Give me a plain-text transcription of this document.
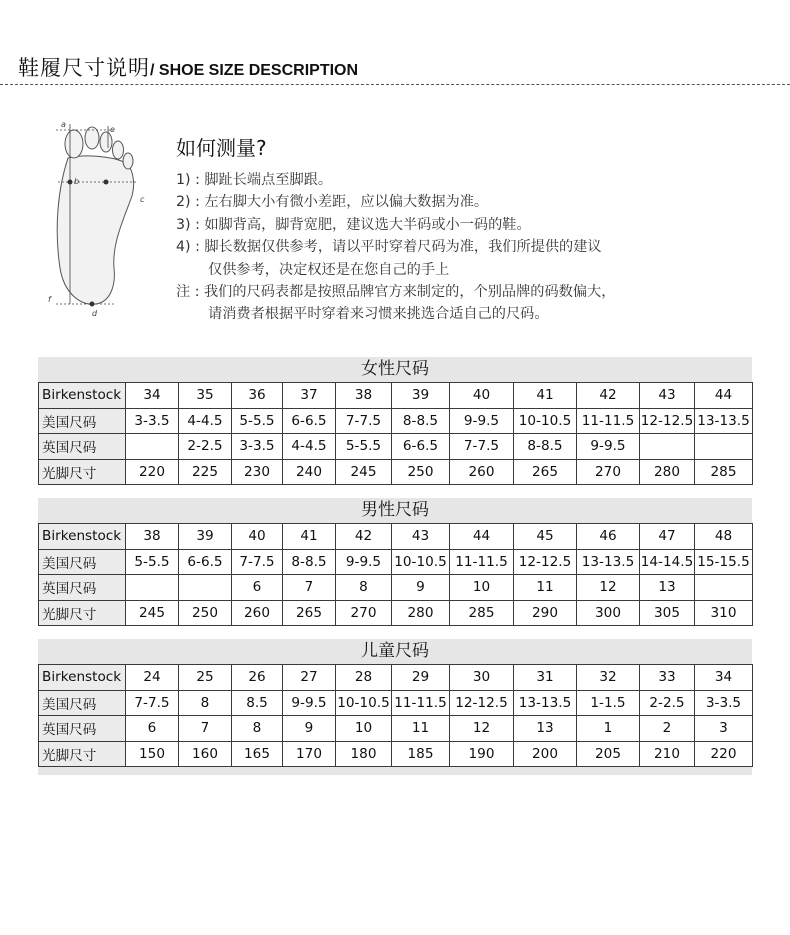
鞋履尺寸说明/ SHOE SIZE DESCRIPTION
a
b
c
d
e
f
如何测量?
1) : 脚趾长端点至脚跟。
2) : 左右脚大小有微小差距，应以偏大数据为准。
3) : 如脚背高，脚背宽肥，建议选大半码或小一码的鞋。
4) : 脚长数据仅供参考，请以平时穿着尺码为准，我们所提供的建议
仅供参考，决定权还是在您自己的手上
注 : 我们的尺码表都是按照品牌官方来制定的，个别品牌的码数偏大，
请消费者根据平时穿着来习惯来挑选合适自己的尺码。
女性尺码
Birkenstock	34	35	36	37	38	39	40	41	42	43	44
美国尺码	3-3.5	4-4.5	5-5.5	6-6.5	7-7.5	8-8.5	9-9.5	10-10.5	11-11.5	12-12.5	13-13.5
英国尺码		2-2.5	3-3.5	4-4.5	5-5.5	6-6.5	7-7.5	8-8.5	9-9.5		
光脚尺寸	220	225	230	240	245	250	260	265	270	280	285
男性尺码
Birkenstock	38	39	40	41	42	43	44	45	46	47	48
美国尺码	5-5.5	6-6.5	7-7.5	8-8.5	9-9.5	10-10.5	11-11.5	12-12.5	13-13.5	14-14.5	15-15.5
英国尺码			6	7	8	9	10	11	12	13	
光脚尺寸	245	250	260	265	270	280	285	290	300	305	310
儿童尺码
Birkenstock	24	25	26	27	28	29	30	31	32	33	34
美国尺码	7-7.5	8	8.5	9-9.5	10-10.5	11-11.5	12-12.5	13-13.5	1-1.5	2-2.5	3-3.5
英国尺码	6	7	8	9	10	11	12	13	1	2	3
光脚尺寸	150	160	165	170	180	185	190	200	205	210	220
